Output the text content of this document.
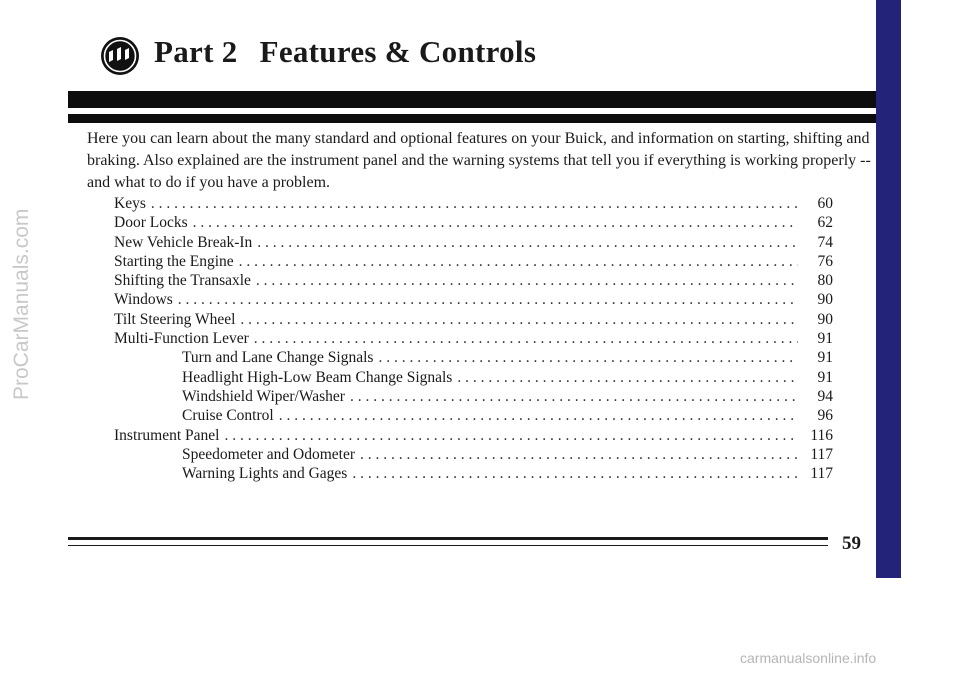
Part 2 Features & Controls

Here you can learn about the many standard and optional features on your Buick, and information on starting, shifting and braking. Also explained are the instrument panel and the warning systems that tell you if everything is working properly -- and what to do if you have a problem.

Keys . . .	60
Door Locks . . .	62
New Vehicle Break-In . . .	74
Starting the Engine . . .	76
Shifting the Transaxle . . .	80
Windows . . .	90
Tilt Steering Wheel . . .	90
Multi-Function Lever . . .	91
Turn and Lane Change Signals . . .	91
Headlight High-Low Beam Change Signals . . .	91
Windshield Wiper/Washer . . .	94
Cruise Control . . .	96
Instrument Panel . . .	116
Speedometer and Odometer . . .	117
Warning Lights and Gages . . .	117
59
ProCarManuals.com
carmanualsonline.info
